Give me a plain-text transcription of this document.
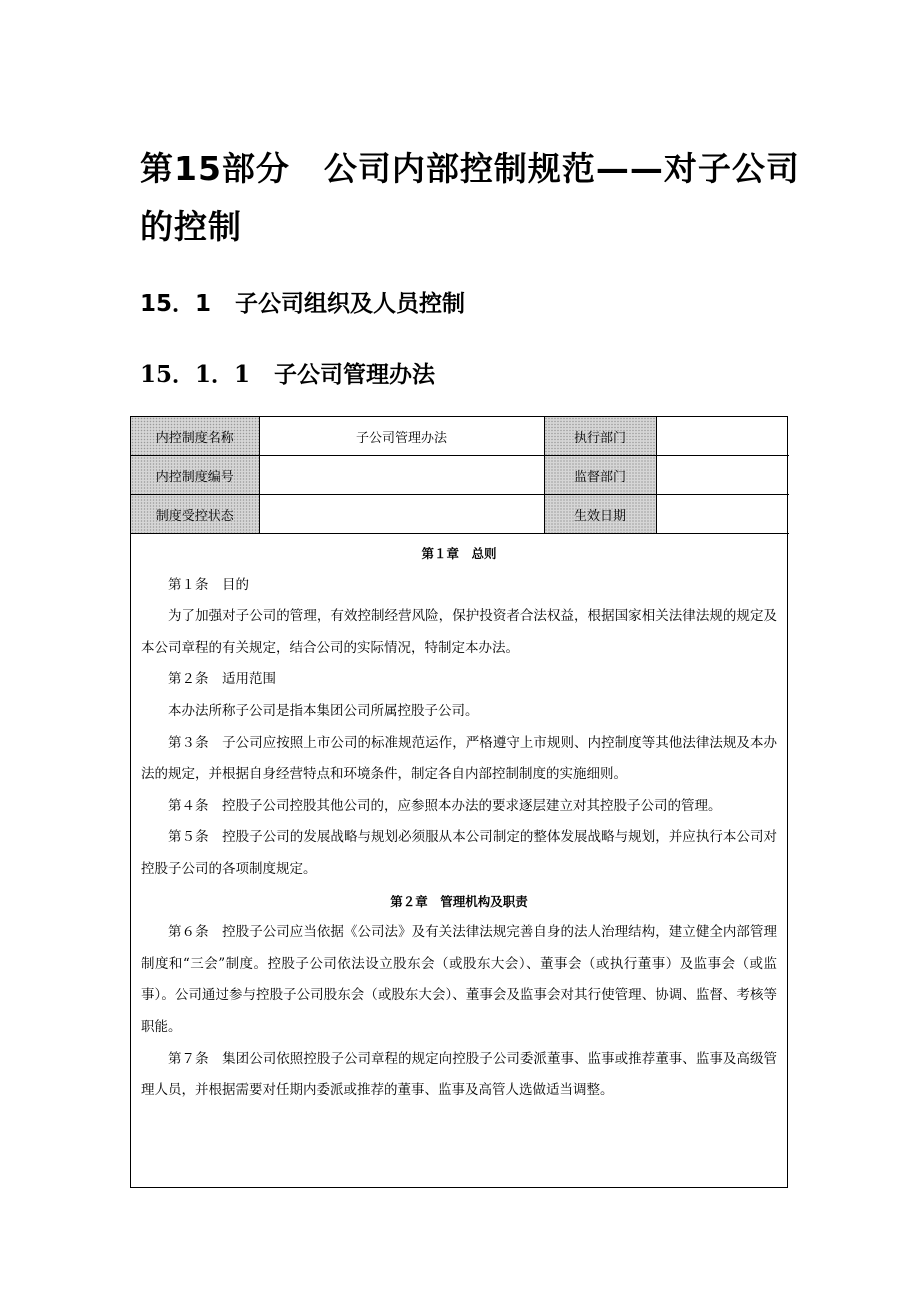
第15部分　公司内部控制规范——对子公司的控制
15．1 子公司组织及人员控制
15．1．1 子公司管理办法
内控制度名称	子公司管理办法	执行部门	
内控制度编号		监督部门	
制度受控状态		生效日期	

第１章　总则

第１条　目的

为了加强对子公司的管理，有效控制经营风险，保护投资者合法权益，根据国家相关法律法规的规定及本公司章程的有关规定，结合公司的实际情况，特制定本办法。

第２条　适用范围

本办法所称子公司是指本集团公司所属控股子公司。

第３条　子公司应按照上市公司的标准规范运作，严格遵守上市规则、内控制度等其他法律法规及本办法的规定，并根据自身经营特点和环境条件，制定各自内部控制制度的实施细则。

第４条　控股子公司控股其他公司的，应参照本办法的要求逐层建立对其控股子公司的管理。

第５条　控股子公司的发展战略与规划必须服从本公司制定的整体发展战略与规划，并应执行本公司对控股子公司的各项制度规定。

第２章　管理机构及职责

第６条　控股子公司应当依据《公司法》及有关法律法规完善自身的法人治理结构，建立健全内部管理制度和“三会”制度。控股子公司依法设立股东会（或股东大会）、董事会（或执行董事）及监事会（或监事）。公司通过参与控股子公司股东会（或股东大会）、董事会及监事会对其行使管理、协调、监督、考核等职能。

第７条　集团公司依照控股子公司章程的规定向控股子公司委派董事、监事或推荐董事、监事及高级管理人员，并根据需要对任期内委派或推荐的董事、监事及高管人选做适当调整。
